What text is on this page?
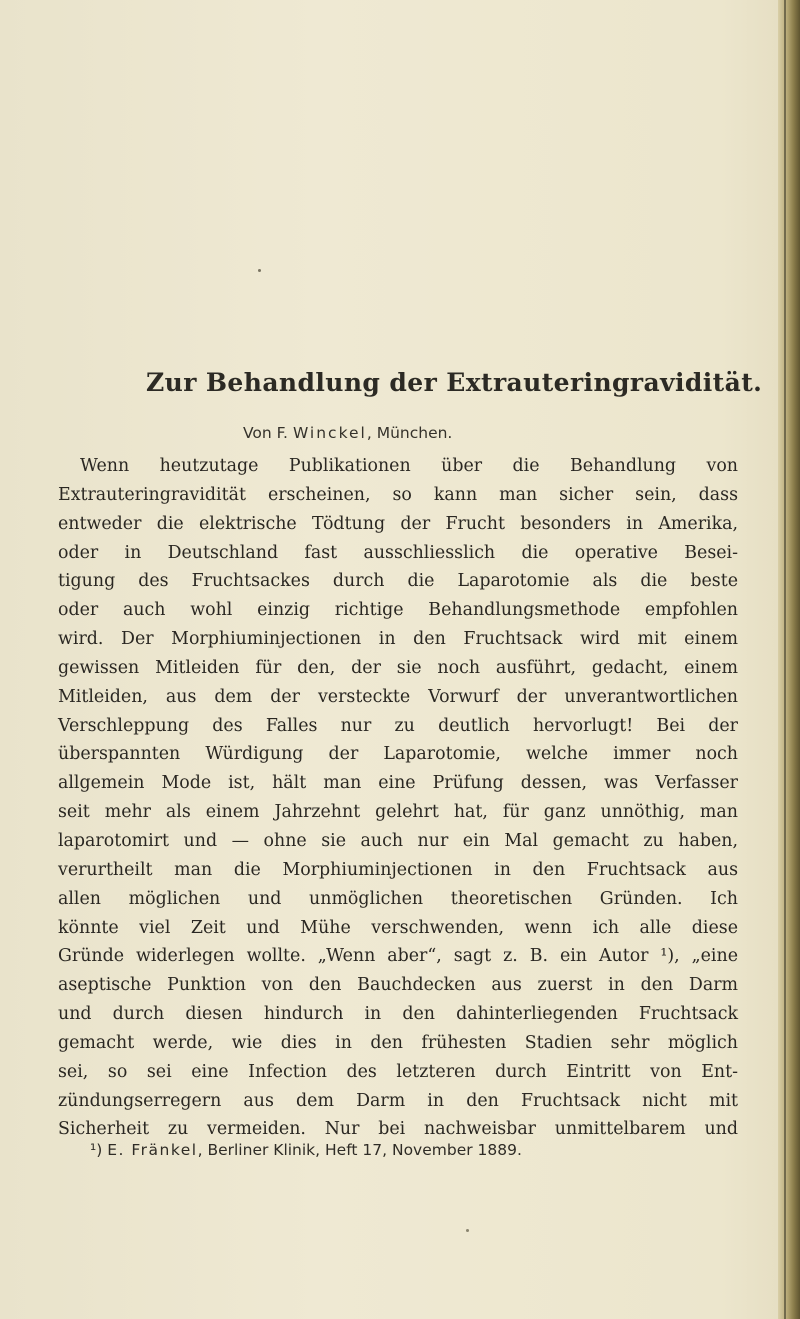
Zur Behandlung der Extrauteringravidität.
Von F. Winckel, München.
Wenn heutzutage Publikationen über die Behandlung von
Extrauteringravidität erscheinen, so kann man sicher sein, dass
entweder die elektrische Tödtung der Frucht besonders in Amerika,
oder in Deutschland fast ausschliesslich die operative Besei-
tigung des Fruchtsackes durch die Laparotomie als die beste
oder auch wohl einzig richtige Behandlungsmethode empfohlen
wird. Der Morphiuminjectionen in den Fruchtsack wird mit einem
gewissen Mitleiden für den, der sie noch ausführt, gedacht, einem
Mitleiden, aus dem der versteckte Vorwurf der unverantwortlichen
Verschleppung des Falles nur zu deutlich hervorlugt! Bei der
überspannten Würdigung der Laparotomie, welche immer noch
allgemein Mode ist, hält man eine Prüfung dessen, was Verfasser
seit mehr als einem Jahrzehnt gelehrt hat, für ganz unnöthig, man
laparotomirt und — ohne sie auch nur ein Mal gemacht zu haben,
verurtheilt man die Morphiuminjectionen in den Fruchtsack aus
allen möglichen und unmöglichen theoretischen Gründen. Ich
könnte viel Zeit und Mühe verschwenden, wenn ich alle diese
Gründe widerlegen wollte. „Wenn aber“, sagt z. B. ein Autor ¹), „eine
aseptische Punktion von den Bauchdecken aus zuerst in den Darm
und durch diesen hindurch in den dahinterliegenden Fruchtsack
gemacht werde, wie dies in den frühesten Stadien sehr möglich
sei, so sei eine Infection des letzteren durch Eintritt von Ent-
zündungserregern aus dem Darm in den Fruchtsack nicht mit
Sicherheit zu vermeiden. Nur bei nachweisbar unmittelbarem und
¹) E. Fränkel, Berliner Klinik, Heft 17, November 1889.
